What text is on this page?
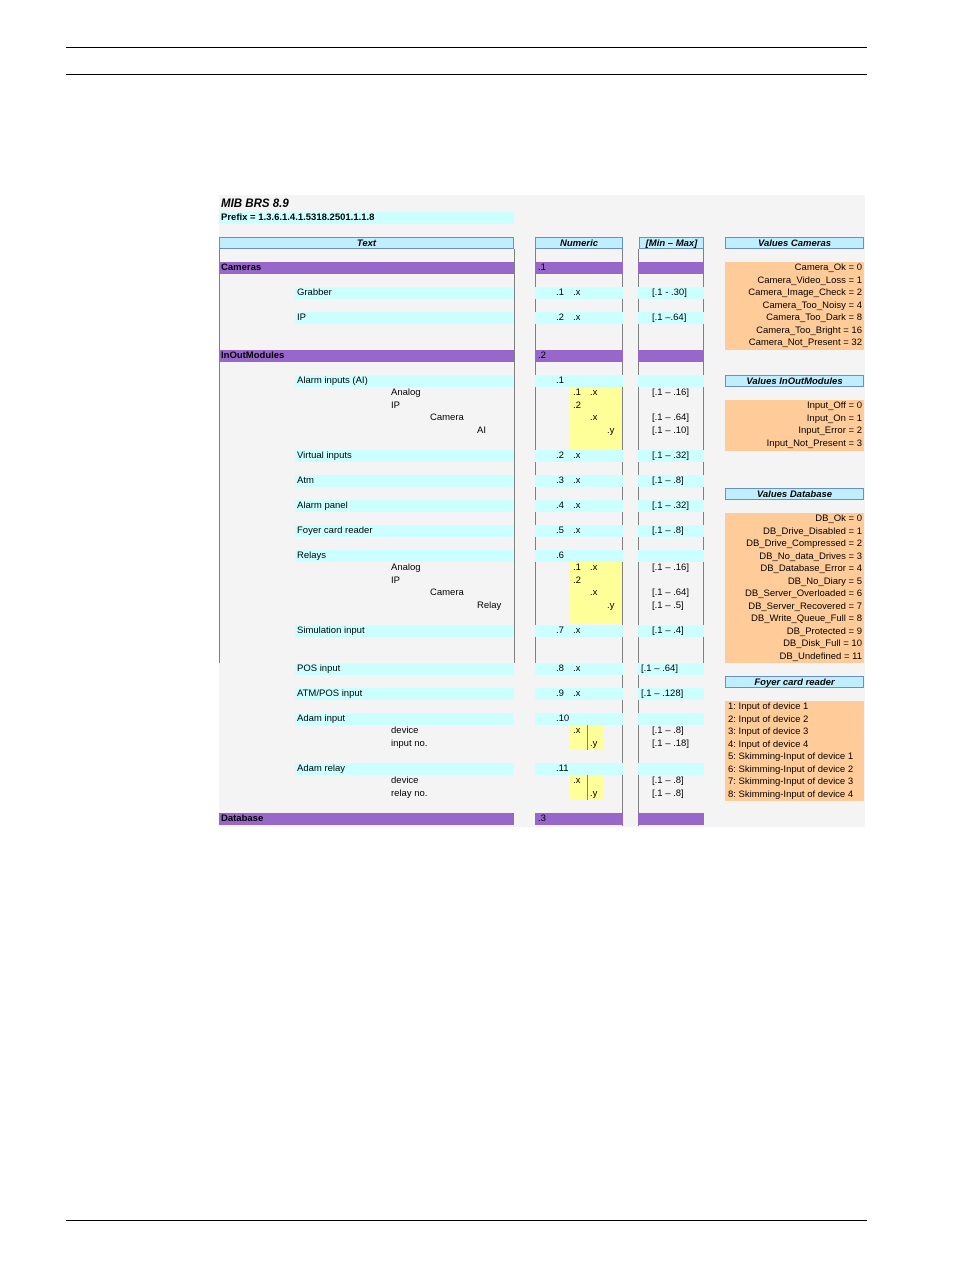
MIB BRS 8.9
Prefix = 1.3.6.1.4.1.5318.2501.1.1.8
Text	Numeric	[Min – Max]
Cameras	.1
Grabber	.1 .x	[.1 - .30]
IP	.2 .x	[.1 –.64]
InOutModules	.2
Alarm inputs (AI)	.1
Analog	.1 .x	[.1 – .16]
IP	.2
Camera	.x	[.1 – .64]
AI	.y	[.1 – .10]
Virtual inputs	.2 .x	[.1 – .32]
Atm	.3 .x	[.1 – .8]
Alarm panel	.4 .x	[.1 – .32]
Foyer card reader	.5 .x	[.1 – .8]
Relays	.6
Analog	.1 .x	[.1 – .16]
IP	.2
Camera	.x	[.1 – .64]
Relay	.y	[.1 – .5]
Simulation input	.7 .x	[.1 – .4]
POS input	.8 .x	[.1 – .64]
ATM/POS input	.9 .x	[.1 – .128]
Adam input	.10
device	.x	[.1 – .8]
input no.	.y	[.1 – .18]
Adam relay	.11
device	.x	[.1 – .8]
relay no.	.y	[.1 – .8]
Database	.3
Values Cameras
Camera_Ok = 0
Camera_Video_Loss = 1
Camera_Image_Check = 2
Camera_Too_Noisy = 4
Camera_Too_Dark = 8
Camera_Too_Bright = 16
Camera_Not_Present = 32
Values InOutModules
Input_Off = 0
Input_On = 1
Input_Error = 2
Input_Not_Present = 3
Values Database
DB_Ok = 0
DB_Drive_Disabled = 1
DB_Drive_Compressed = 2
DB_No_data_Drives = 3
DB_Database_Error = 4
DB_No_Diary = 5
DB_Server_Overloaded = 6
DB_Server_Recovered = 7
DB_Write_Queue_Full = 8
DB_Protected = 9
DB_Disk_Full = 10
DB_Undefined = 11
Foyer card reader
1: Input of device 1
2: Input of device 2
3: Input of device 3
4: Input of device 4
5: Skimming-Input of device 1
6: Skimming-Input of device 2
7: Skimming-Input of device 3
8: Skimming-Input of device 4
